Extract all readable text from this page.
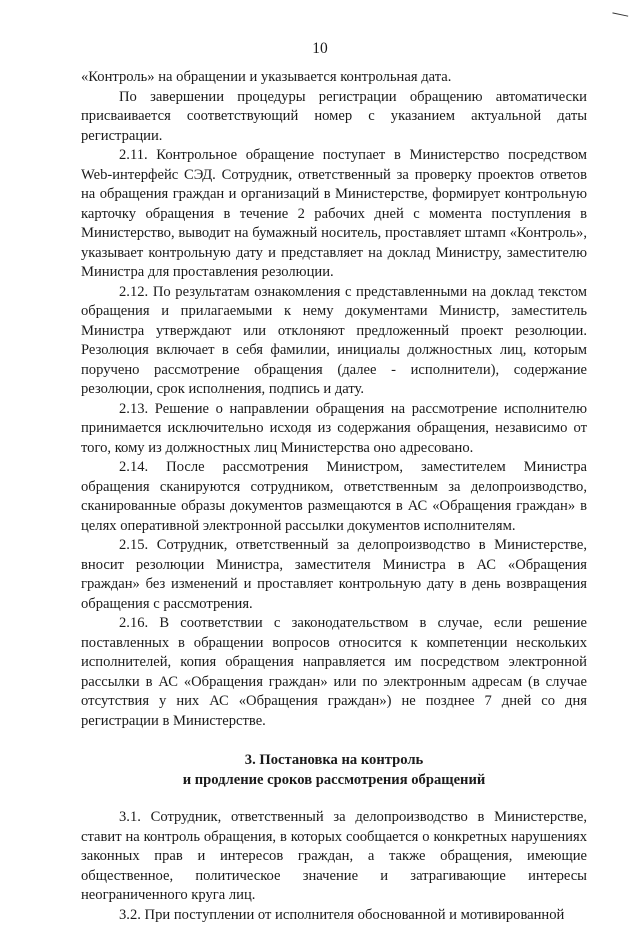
10

«Контроль» на обращении и указывается контрольная дата.

По завершении процедуры регистрации обращению автоматически присваивается соответствующий номер с указанием актуальной даты регистрации.

2.11. Контрольное обращение поступает в Министерство посредством Web-интерфейс СЭД. Сотрудник, ответственный за проверку проектов ответов на обращения граждан и организаций в Министерстве, формирует контрольную карточку обращения в течение 2 рабочих дней с момента поступления в Министерство, выводит на бумажный носитель, проставляет штамп «Контроль», указывает контрольную дату и представляет на доклад Министру, заместителю Министра для проставления резолюции.

2.12. По результатам ознакомления с представленными на доклад текстом обращения и прилагаемыми к нему документами Министр, заместитель Министра утверждают или отклоняют предложенный проект резолюции. Резолюция включает в себя фамилии, инициалы должностных лиц, которым поручено рассмотрение обращения (далее - исполнители), содержание резолюции, срок исполнения, подпись и дату.

2.13. Решение о направлении обращения на рассмотрение исполнителю принимается исключительно исходя из содержания обращения, независимо от того, кому из должностных лиц Министерства оно адресовано.

2.14. После рассмотрения Министром, заместителем Министра обращения сканируются сотрудником, ответственным за делопроизводство, сканированные образы документов размещаются в АС «Обращения граждан» в целях оперативной электронной рассылки документов исполнителям.

2.15. Сотрудник, ответственный за делопроизводство в Министерстве, вносит резолюции Министра, заместителя Министра в АС «Обращения граждан» без изменений и проставляет контрольную дату в день возвращения обращения с рассмотрения.

2.16. В соответствии с законодательством в случае, если решение поставленных в обращении вопросов относится к компетенции нескольких исполнителей, копия обращения направляется им посредством электронной рассылки в АС «Обращения граждан» или по электронным адресам (в случае отсутствия у них АС «Обращения граждан») не позднее 7 дней со дня регистрации в Министерстве.

3. Постановка на контроль

и продление сроков рассмотрения обращений

3.1. Сотрудник, ответственный за делопроизводство в Министерстве, ставит на контроль обращения, в которых сообщается о конкретных нарушениях законных прав и интересов граждан, а также обращения, имеющие общественное, политическое значение и затрагивающие интересы неограниченного круга лиц.

3.2. При поступлении от исполнителя обоснованной и мотивированной
